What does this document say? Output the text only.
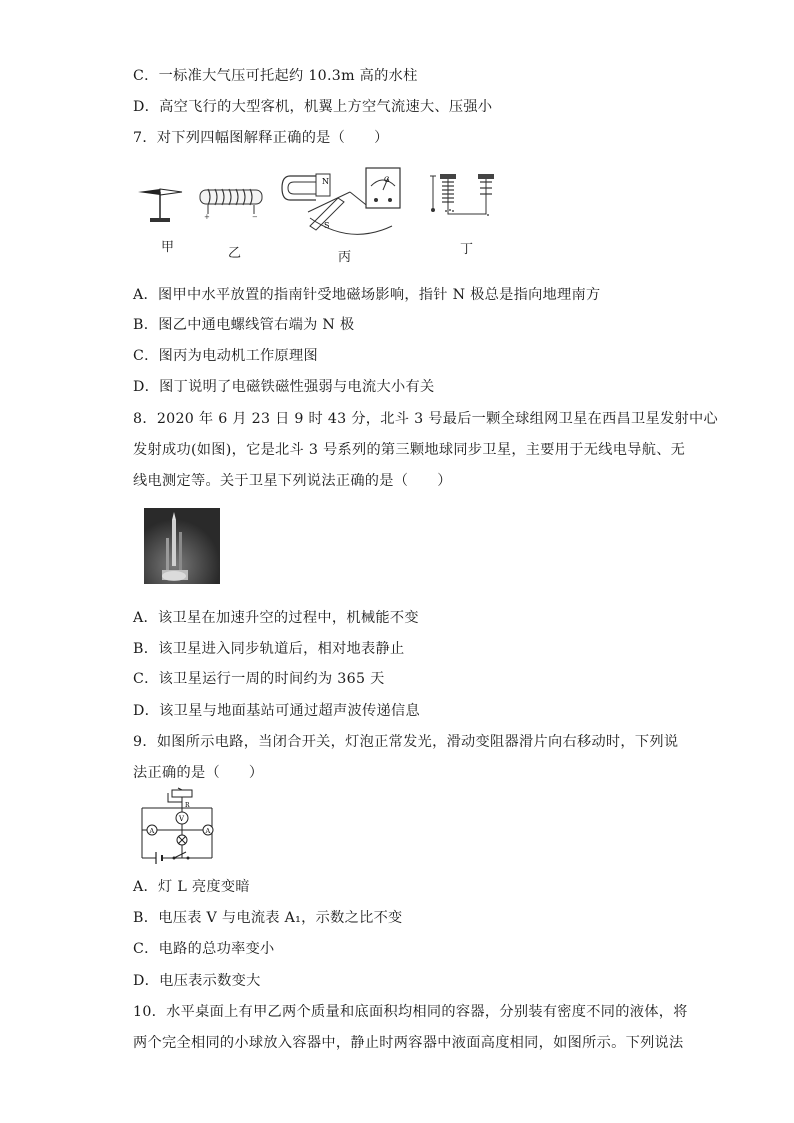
C．一标准大气压可托起约 10.3m 高的水柱
D．高空飞行的大型客机，机翼上方空气流速大、压强小
7．对下列四幅图解释正确的是（　　）
+	−
N
S
G
甲	乙	丙
丁
A．图甲中水平放置的指南针受地磁场影响，指针 N 极总是指向地理南方
B．图乙中通电螺线管右端为 N 极
C．图丙为电动机工作原理图
D．图丁说明了电磁铁磁性强弱与电流大小有关
8．2020 年 6 月 23 日 9 时 43 分，北斗 3 号最后一颗全球组网卫星在西昌卫星发射中心
发射成功(如图)，它是北斗 3 号系列的第三颗地球同步卫星，主要用于无线电导航、无
线电测定等。关于卫星下列说法正确的是（　　）
A．该卫星在加速升空的过程中，机械能不变
B．该卫星进入同步轨道后，相对地表静止
C．该卫星运行一周的时间约为 365 天
D．该卫星与地面基站可通过超声波传递信息
9．如图所示电路，当闭合开关，灯泡正常发光，滑动变阻器滑片向右移动时，下列说
法正确的是（　　）
V
R
A	A
A．灯 L 亮度变暗
B．电压表 V 与电流表 A₁，示数之比不变
C．电路的总功率变小
D．电压表示数变大
10．水平桌面上有甲乙两个质量和底面积均相同的容器，分别装有密度不同的液体，将
两个完全相同的小球放入容器中，静止时两容器中液面高度相同，如图所示。下列说法
